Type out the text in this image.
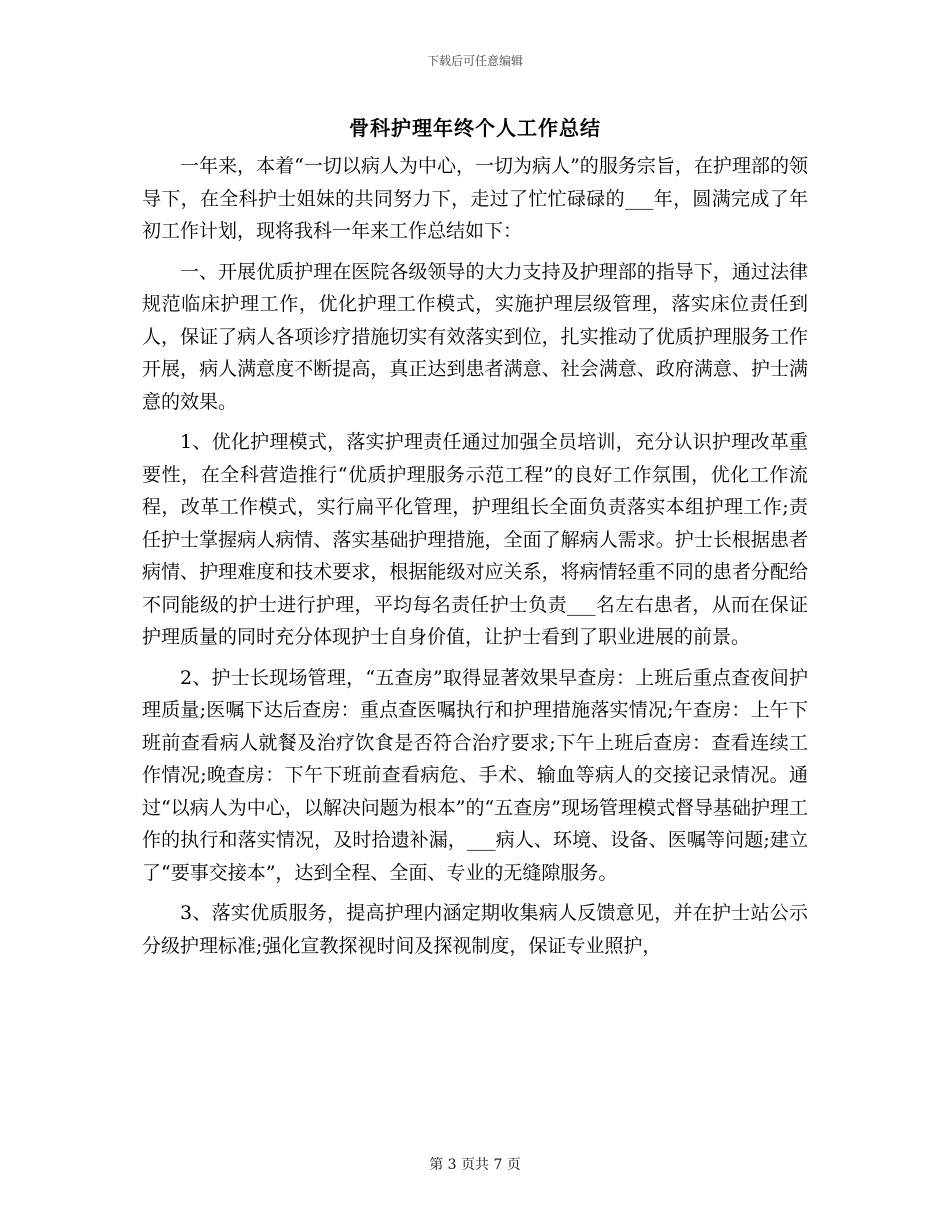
下载后可任意编辑
骨科护理年终个人工作总结

一年来，本着“一切以病人为中心，一切为病人”的服务宗旨，在护理部的领导下，在全科护士姐妹的共同努力下，走过了忙忙碌碌的___年，圆满完成了年初工作计划，现将我科一年来工作总结如下：

一、开展优质护理在医院各级领导的大力支持及护理部的指导下，通过法律规范临床护理工作，优化护理工作模式，实施护理层级管理，落实床位责任到人，保证了病人各项诊疗措施切实有效落实到位，扎实推动了优质护理服务工作开展，病人满意度不断提高，真正达到患者满意、社会满意、政府满意、护士满意的效果。

1、优化护理模式，落实护理责任通过加强全员培训，充分认识护理改革重要性，在全科营造推行“优质护理服务示范工程”的良好工作氛围，优化工作流程，改革工作模式，实行扁平化管理，护理组长全面负责落实本组护理工作;责任护士掌握病人病情、落实基础护理措施，全面了解病人需求。护士长根据患者病情、护理难度和技术要求，根据能级对应关系，将病情轻重不同的患者分配给不同能级的护士进行护理，平均每名责任护士负责___名左右患者，从而在保证护理质量的同时充分体现护士自身价值，让护士看到了职业进展的前景。

2、护士长现场管理，“五查房”取得显著效果早查房：上班后重点查夜间护理质量;医嘱下达后查房：重点查医嘱执行和护理措施落实情况;午查房：上午下班前查看病人就餐及治疗饮食是否符合治疗要求;下午上班后查房：查看连续工作情况;晚查房：下午下班前查看病危、手术、输血等病人的交接记录情况。通过“以病人为中心，以解决问题为根本”的“五查房”现场管理模式督导基础护理工作的执行和落实情况，及时拾遗补漏，___病人、环境、设备、医嘱等问题;建立了“要事交接本”，达到全程、全面、专业的无缝隙服务。

3、落实优质服务，提高护理内涵定期收集病人反馈意见，并在护士站公示分级护理标准;强化宣教探视时间及探视制度，保证专业照护，

第 3 页共 7 页
